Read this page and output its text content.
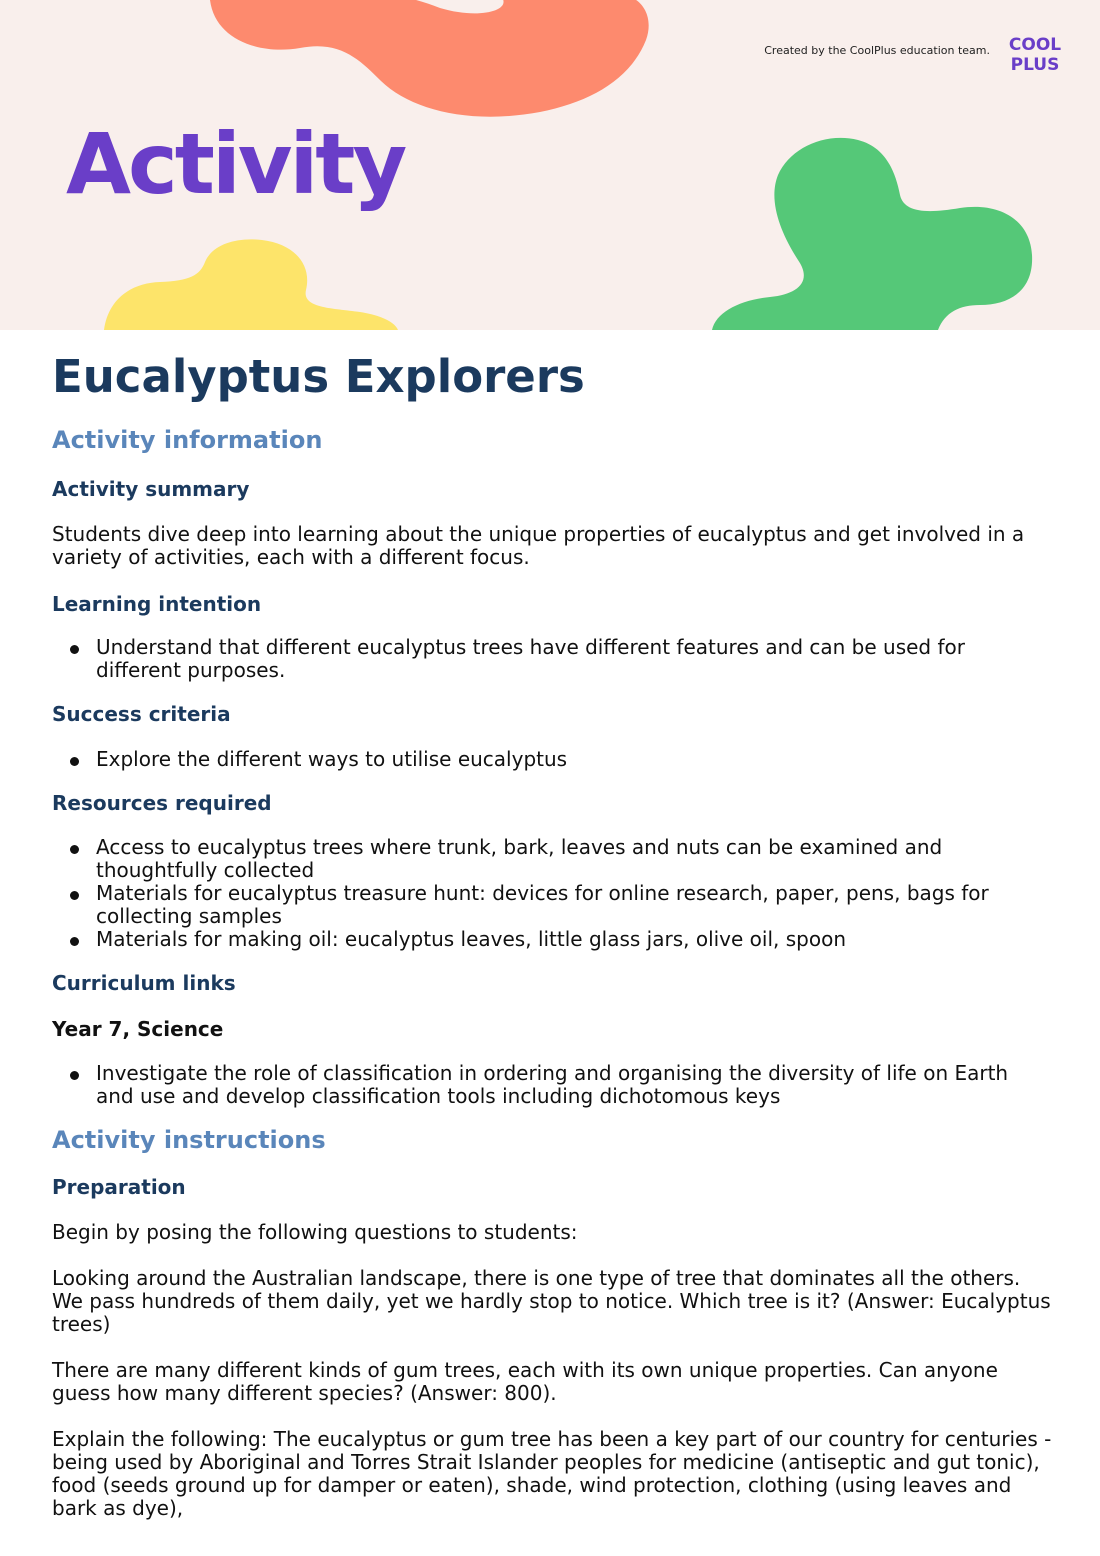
Created by the CoolPlus education team. COOL
PLUS
Activity
Eucalyptus Explorers
Activity information
Activity summary

Students dive deep into learning about the unique properties of eucalyptus and get involved in a variety of activities, each with a different focus.

Learning intention
Understand that different eucalyptus trees have different features and can be used for different purposes.
Success criteria
Explore the different ways to utilise eucalyptus
Resources required
Access to eucalyptus trees where trunk, bark, leaves and nuts can be examined and thoughtfully collected
Materials for eucalyptus treasure hunt: devices for online research, paper, pens, bags for collecting samples
Materials for making oil: eucalyptus leaves, little glass jars, olive oil, spoon
Curriculum links
Year 7, Science
Investigate the role of classification in ordering and organising the diversity of life on Earth and use and develop classification tools including dichotomous keys
Activity instructions
Preparation

Begin by posing the following questions to students:

Looking around the Australian landscape, there is one type of tree that dominates all the others. We pass hundreds of them daily, yet we hardly stop to notice. Which tree is it? (Answer: Eucalyptus trees)

There are many different kinds of gum trees, each with its own unique properties. Can anyone guess how many different species? (Answer: 800).

Explain the following: The eucalyptus or gum tree has been a key part of our country for centuries - being used by Aboriginal and Torres Strait Islander peoples for medicine (antiseptic and gut tonic), food (seeds ground up for damper or eaten), shade, wind protection, clothing (using leaves and bark as dye),
